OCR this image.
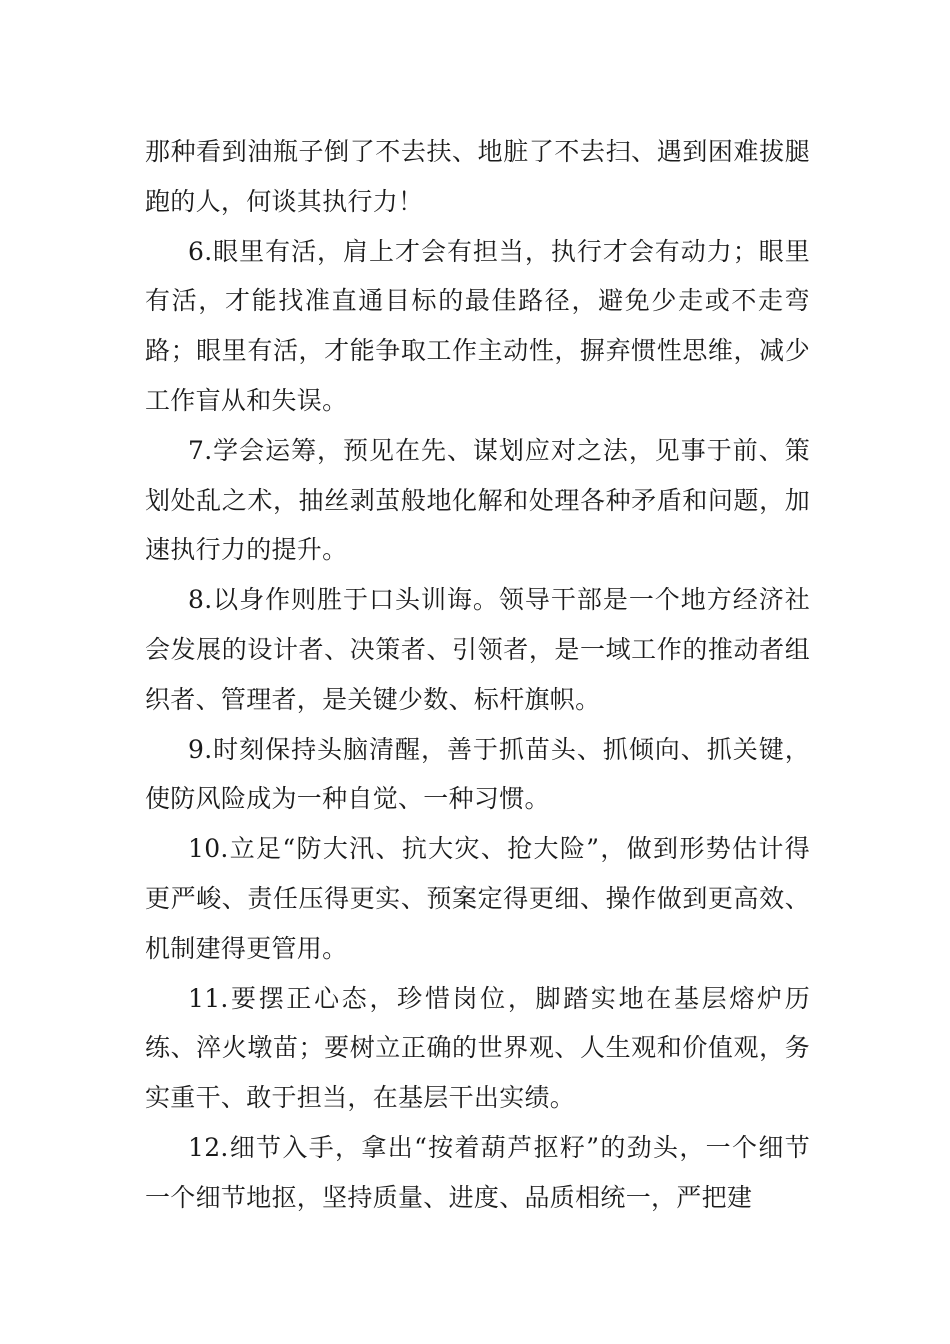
那种看到油瓶子倒了不去扶、地脏了不去扫、遇到困难拔腿跑的人，何谈其执行力！

6.眼里有活，肩上才会有担当，执行才会有动力；眼里有活，才能找准直通目标的最佳路径，避免少走或不走弯路；眼里有活，才能争取工作主动性，摒弃惯性思维，减少工作盲从和失误。

7.学会运筹，预见在先、谋划应对之法，见事于前、策划处乱之术，抽丝剥茧般地化解和处理各种矛盾和问题，加速执行力的提升。

8.以身作则胜于口头训诲。领导干部是一个地方经济社会发展的设计者、决策者、引领者，是一域工作的推动者组织者、管理者，是关键少数、标杆旗帜。

9.时刻保持头脑清醒，善于抓苗头、抓倾向、抓关键，使防风险成为一种自觉、一种习惯。

10.立足“防大汛、抗大灾、抢大险”，做到形势估计得更严峻、责任压得更实、预案定得更细、操作做到更高效、机制建得更管用。

11.要摆正心态，珍惜岗位，脚踏实地在基层熔炉历练、淬火墩苗；要树立正确的世界观、人生观和价值观，务实重干、敢于担当，在基层干出实绩。

12.细节入手，拿出“按着葫芦抠籽”的劲头，一个细节一个细节地抠，坚持质量、进度、品质相统一，严把建
